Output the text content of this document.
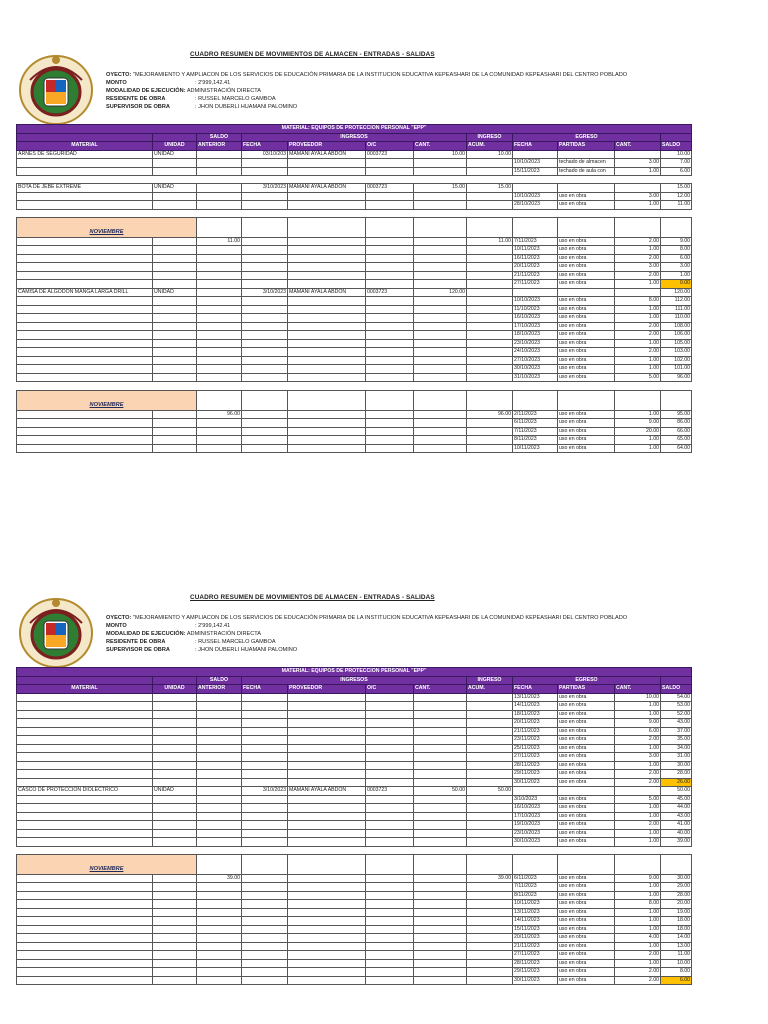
CUADRO RESUMEN DE MOVIMIENTOS DE ALMACEN - ENTRADAS - SALIDAS
OYECTO: "MEJORAMIENTO Y AMPLIACON DE LOS SERVICIOS DE EDUCACIÓN PRIMARIA DE LA INSTITUCION EDUCATIVA KEPEASHARI DE LA COMUNIDAD KEPEASHARI DEL CENTRO POBLADO
MONTO	: 2'999,142.41
MODALIDAD DE EJECUCIÓN: ADMINISTRACIÓN DIRECTA
RESIDENTE DE OBRA	: RUSSEL MARCELO GAMBOA
SUPERVISOR DE OBRA	: JHON DUBERLI HUAMANI PALOMINO
MATERIAL: EQUIPOS DE PROTECCION PERSONAL "EPP"											
		SALDO	INGRESOS				INGRESO	EGRESO			
MATERIAL	UNIDAD	ANTERIOR	FECHA	PROVEEDOR	O/C	CANT.	ACUM.	FECHA	PARTIDAS	CANT.	SALDO
ARNES DE SEGURIDAD	UNIDAD		03/10/203	MAMANI AYALA ABDON	0003723	10.00	10.00				10.00
								10/10/2023	techado de almacen	3.00	7.00
								15/11/2023	techado de aula con	1.00	6.00

BOTA DE JEBE EXTREME	UNIDAD		3/10/2023	MAMANI AYALA ABDON	0003723	15.00	15.00				15.00
								10/10/2023	uso en obra	3.00	12.00
								28/10/2023	uso en obra	1.00	11.00

NOVIEMBRE											
		11.00					11.00	7/11/2023	uso en obra	2.00	9.00
								10/11/2023	uso en obra	1.00	8.00
								16/11/2023	uso en obra	2.00	6.00
								20/11/2023	uso en obra	3.00	3.00
								21/11/2023	uso en obra	2.00	1.00
								27/11/2023	uso en obra	1.00	0.00
CAMISA DE ALGODÓN MANGA LARGA DRILL	UNIDAD		3/10/2023	MAMANI AYALA ABDON	0003723	120.00					120.00
								10/10/2023	uso en obra	8.00	112.00
								11/10/2023	uso en obra	1.00	111.00
								16/10/2023	uso en obra	1.00	110.00
								17/10/2023	uso en obra	2.00	108.00
								18/10/2023	uso en obra	2.00	106.00
								23/10/2023	uso en obra	1.00	105.00
								24/10/2023	uso en obra	2.00	103.00
								27/10/2023	uso en obra	1.00	102.00
								30/10/2023	uso en obra	1.00	101.00
								31/10/2023	uso en obra	5.00	96.00

NOVIEMBRE											
		96.00					96.00	2/11/2023	uso en obra	1.00	95.00
								6/11/2023	uso en obra	9.00	86.00
								7/11/2023	uso en obra	20.00	66.00
								8/11/2023	uso en obra	1.00	65.00
								10/11/2023	uso en obra	1.00	64.00
CUADRO RESUMEN DE MOVIMIENTOS DE ALMACEN - ENTRADAS - SALIDAS
OYECTO: "MEJORAMIENTO Y AMPLIACON DE LOS SERVICIOS DE EDUCACIÓN PRIMARIA DE LA INSTITUCION EDUCATIVA KEPEASHARI DE LA COMUNIDAD KEPEASHARI DEL CENTRO POBLADO
MONTO	: 2'999,142.41
MODALIDAD DE EJECUCIÓN: ADMINISTRACIÓN DIRECTA
RESIDENTE DE OBRA	: RUSSEL MARCELO GAMBOA
SUPERVISOR DE OBRA	: JHON DUBERLI HUAMANI PALOMINO
MATERIAL: EQUIPOS DE PROTECCION PERSONAL "EPP"											
		SALDO	INGRESOS				INGRESO	EGRESO			
MATERIAL	UNIDAD	ANTERIOR	FECHA	PROVEEDOR	O/C	CANT.	ACUM.	FECHA	PARTIDAS	CANT.	SALDO
								13/11/2023	uso en obra	10.00	54.00
								14/11/2023	uso en obra	1.00	53.00
								18/11/2023	uso en obra	1.00	52.00
								20/11/2023	uso en obra	9.00	43.00
								21/11/2023	uso en obra	6.00	37.00
								23/11/2023	uso en obra	2.00	35.00
								25/11/2023	uso en obra	1.00	34.00
								27/11/2023	uso en obra	3.00	31.00
								28/11/2023	uso en obra	1.00	30.00
								29/11/2023	uso en obra	2.00	28.00
								30/11/2023	uso en obra	2.00	26.00
CASCO DE PROTECCIÓN DIOLECTRICO	UNIDAD		3/10/2023	MAMANI AYALA ABDON	0003723	50.00	50.00				50.00
								3/10/2023	uso en obra	5.00	45.00
								16/10/2023	uso en obra	1.00	44.00
								17/10/2023	uso en obra	1.00	43.00
								19/10/2023	uso en obra	2.00	41.00
								23/10/2023	uso en obra	1.00	40.00
								30/10/2023	uso en obra	1.00	39.00

NOVIEMBRE											
		39.00					39.00	6/11/2023	uso en obra	9.00	30.00
								7/11/2023	uso en obra	1.00	29.00
								8/11/2023	uso en obra	1.00	28.00
								10/11/2023	uso en obra	8.00	20.00
								13/11/2023	uso en obra	1.00	19.00
								14/11/2023	uso en obra	1.00	18.00
								15/11/2023	uso en obra	1.00	18.00
								20/11/2023	uso en obra	4.00	14.00
								21/11/2023	uso en obra	1.00	13.00
								27/11/2023	uso en obra	2.00	11.00
								28/11/2023	uso en obra	1.00	10.00
								29/11/2023	uso en obra	2.00	8.00
								30/11/2023	uso en obra	2.00	6.00
